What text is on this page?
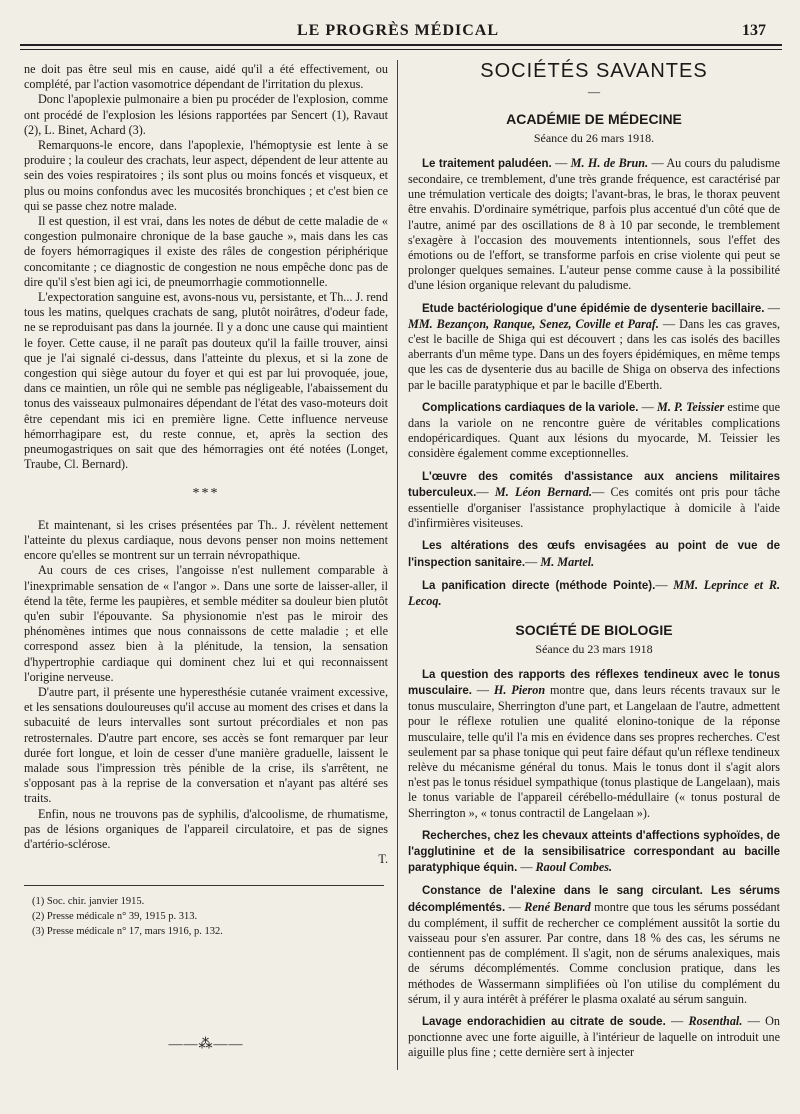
LE PROGRÈS MÉDICAL	137

ne doit pas être seul mis en cause, aidé qu'il a été effectivement, ou complété, par l'action vasomotrice dépendant de l'irritation du plexus.

Donc l'apoplexie pulmonaire a bien pu procéder de l'explosion, comme ont procédé de l'explosion les lésions rapportées par Sencert (1), Ravaut (2), L. Binet, Achard (3).

Remarquons-le encore, dans l'apoplexie, l'hémoptysie est lente à se produire ; la couleur des crachats, leur aspect, dépendent de leur attente au sein des voies respiratoires ; ils sont plus ou moins foncés et visqueux, et plus ou moins confondus avec les mucosités bronchiques ; et c'est bien ce qui se passe chez notre malade.

Il est question, il est vrai, dans les notes de début de cette maladie de « congestion pulmonaire chronique de la base gauche », mais dans les cas de foyers hémorragiques il existe des râles de congestion périphérique concomitante ; ce diagnostic de congestion ne nous empêche donc pas de dire qu'il s'est bien agi ici, de pneumorrhagie commotionnelle.

L'expectoration sanguine est, avons-nous vu, persistante, et Th... J. rend tous les matins, quelques crachats de sang, plutôt noirâtres, d'odeur fade, ne se reproduisant pas dans la journée. Il y a donc une cause qui maintient le foyer. Cette cause, il ne paraît pas douteux qu'il la faille trouver, ainsi que je l'ai signalé ci-dessus, dans l'atteinte du plexus, et si la zone de congestion qui siège autour du foyer et qui est par lui provoquée, joue, dans ce maintien, un rôle qui ne semble pas négligeable, l'abaissement du tonus des vaisseaux pulmonaires dépendant de l'état des vaso-moteurs doit être cependant mis ici en première ligne. Cette influence nerveuse hémorrhagipare est, du reste connue, et, après la section des pneumogastriques on sait que des hémorragies ont été notées (Longet, Traube, Cl. Bernard).

***

Et maintenant, si les crises présentées par Th.. J. révèlent nettement l'atteinte du plexus cardiaque, nous devons penser non moins nettement encore qu'elles se montrent sur un terrain névropathique.

Au cours de ces crises, l'angoisse n'est nullement comparable à l'inexprimable sensation de « l'angor ». Dans une sorte de laisser-aller, il étend la tête, ferme les paupières, et semble méditer sa douleur bien plutôt qu'en subir l'épouvante. Sa physionomie n'est pas le miroir des phénomènes intimes que nous connaissons de cette maladie ; et elle correspond assez bien à la plénitude, la tension, la sensation d'hypertrophie cardiaque qui dominent chez lui et qui reconnaissent l'origine nerveuse.

D'autre part, il présente une hyperesthésie cutanée vraiment excessive, et les sensations douloureuses qu'il accuse au moment des crises et dans la subacuité de leurs intervalles sont surtout précordiales et non pas retrosternales. D'autre part encore, ses accès se font remarquer par leur durée fort longue, et loin de cesser d'une manière graduelle, laissent le malade sous l'impression très pénible de la crise, ils s'arrêtent, ne s'opposant pas à la reprise de la conversation et n'ayant pas altéré ses traits.

Enfin, nous ne trouvons pas de syphilis, d'alcoolisme, de rhumatisme, pas de lésions organiques de l'appareil circulatoire, et pas de signes d'artério-sclérose.

T.

(1) Soc. chir. janvier 1915.
(2) Presse médicale n° 39, 1915 p. 313.
(3) Presse médicale n° 17, mars 1916, p. 132.
——⁂——
SOCIÉTÉS SAVANTES
—
ACADÉMIE DE MÉDECINE
Séance du 26 mars 1918.

Le traitement paludéen. — M. H. de Brun. — Au cours du paludisme secondaire, ce tremblement, d'une très grande fréquence, est caractérisé par une trémulation verticale des doigts; l'avant-bras, le bras, le thorax peuvent être envahis. D'ordinaire symétrique, parfois plus accentué d'un côté que de l'autre, animé par des oscillations de 8 à 10 par seconde, le tremblement s'exagère à l'occasion des mouvements intentionnels, sous l'effet des émotions ou de l'effort, se transforme parfois en crise violente qui peut se prolonger quelques semaines. L'auteur pense comme cause à la possibilité d'une lésion organique relevant du paludisme.

Etude bactériologique d'une épidémie de dysenterie bacillaire. — MM. Bezançon, Ranque, Senez, Coville et Paraf. — Dans les cas graves, c'est le bacille de Shiga qui est découvert ; dans les cas isolés des bacilles aberrants d'un même type. Dans un des foyers épidémiques, en même temps que les cas de dysenterie dus au bacille de Shiga on observa des infections par le bacille paratyphique et par le bacille d'Eberth.

Complications cardiaques de la variole. — M. P. Teissier estime que dans la variole on ne rencontre guère de véritables complications endopéricardiques. Quant aux lésions du myocarde, M. Teissier les considère également comme exceptionnelles.

L'œuvre des comités d'assistance aux anciens militaires tuberculeux.— M. Léon Bernard.— Ces comités ont pris pour tâche essentielle d'organiser l'assistance prophylactique à domicile à l'aide d'infirmières visiteuses.

Les altérations des œufs envisagées au point de vue de l'inspection sanitaire.— M. Martel.

La panification directe (méthode Pointe).— MM. Leprince et R. Lecoq.

SOCIÉTÉ DE BIOLOGIE
Séance du 23 mars 1918

La question des rapports des réflexes tendineux avec le tonus musculaire. — H. Pieron montre que, dans leurs récents travaux sur le tonus musculaire, Sherrington d'une part, et Langelaan de l'autre, admettent pour le réflexe rotulien une qualité elonino-tonique de la réponse musculaire, telle qu'il l'a mis en évidence dans ses propres recherches. C'est seulement par sa phase tonique qui peut faire défaut qu'un réflexe tendineux relève du mécanisme général du tonus. Mais le tonus dont il s'agit alors n'est pas le tonus résiduel sympathique (tonus plastique de Langelaan), mais le tonus variable de l'appareil cérébello-médullaire (« tonus postural de Sherrington », « tonus contractil de Langelaan »).

Recherches, chez les chevaux atteints d'affections syphoïdes, de l'agglutinine et de la sensibilisatrice correspondant au bacille paratyphique équin. — Raoul Combes.

Constance de l'alexine dans le sang circulant. Les sérums décomplémentés. — René Benard montre que tous les sérums possédant du complément, il suffit de rechercher ce complément aussitôt la sortie du vaisseau pour s'en assurer. Par contre, dans 18 % des cas, les sérums ne contiennent pas de complément. Il s'agit, non de sérums analexiques, mais de sérums décomplémentés. Comme conclusion pratique, dans les méthodes de Wassermann simplifiées où l'on utilise du complément du sérum, il y aura intérêt à préférer le plasma oxalaté au sérum sanguin.

Lavage endorachidien au citrate de soude. — Rosenthal. — On ponctionne avec une forte aiguille, à l'intérieur de laquelle on introduit une aiguille plus fine ; cette dernière sert à injecter
